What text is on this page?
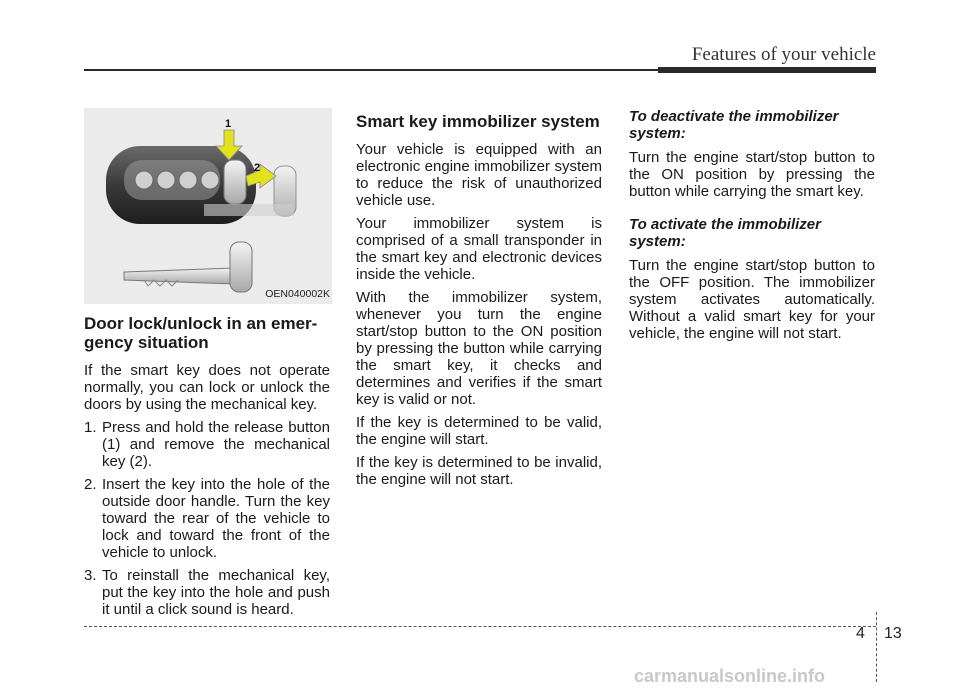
Features of your vehicle
1
2
OEN040002K
Door lock/unlock in an emer-
gency situation

If the smart key does not operate normally, you can lock or unlock the doors by using the mechanical key.

1. Press and hold the release button (1) and remove the mechanical key (2).
2. Insert the key into the hole of the outside door handle. Turn the key toward the rear of the vehicle to lock and toward the front of the vehicle to unlock.
3. To reinstall the mechanical key, put the key into the hole and push it until a click sound is heard.
Smart key immobilizer system

Your vehicle is equipped with an electronic engine immobilizer system to reduce the risk of unauthorized vehicle use.

Your immobilizer system is comprised of a small transponder in the smart key and electronic devices inside the vehicle.

With the immobilizer system, whenever you turn the engine start/stop button to the ON position by pressing the button while carrying the smart key, it checks and determines and verifies if the smart key is valid or not.

If the key is determined to be valid, the engine will start.

If the key is determined to be invalid, the engine will not start.

To deactivate the immobilizer system:

Turn the engine start/stop button to the ON position by pressing the button while carrying the smart key.

To activate the immobilizer system:

Turn the engine start/stop button to the OFF position. The immobilizer system activates automatically. Without a valid smart key for your vehicle, the engine will not start.

4 13
carmanualsonline.info
